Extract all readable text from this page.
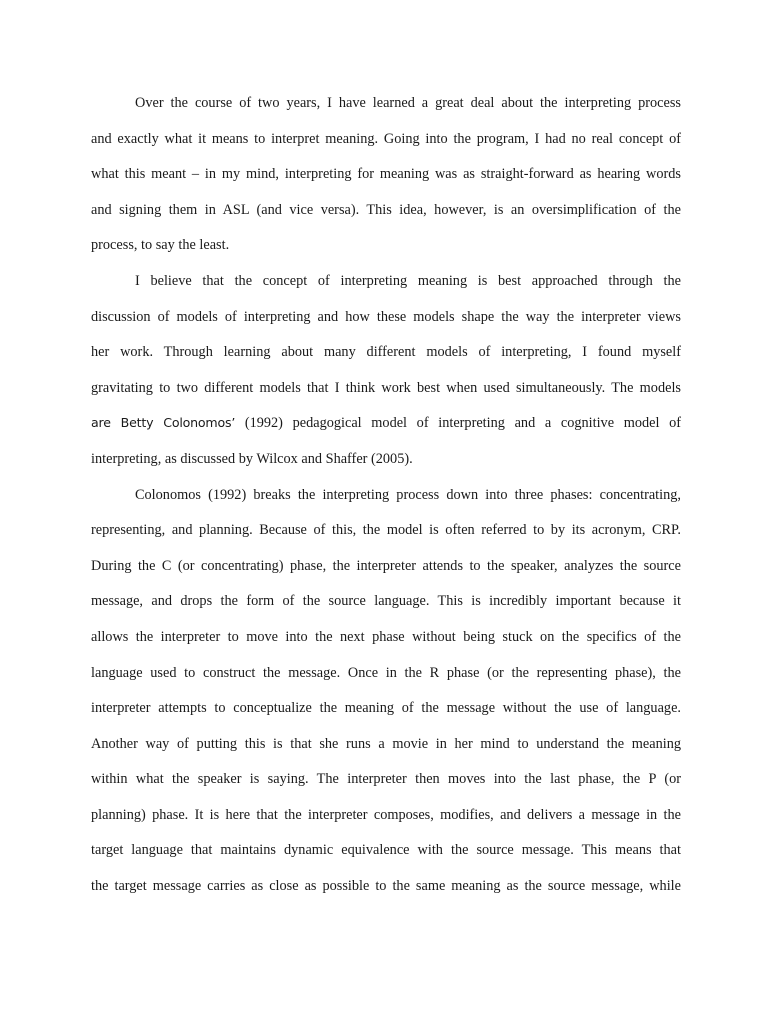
Over the course of two years, I have learned a great deal about the interpreting process
and exactly what it means to interpret meaning. Going into the program, I had no real concept of
what this meant – in my mind, interpreting for meaning was as straight-forward as hearing words
and signing them in ASL (and vice versa). This idea, however, is an oversimplification of the
process, to say the least.
I believe that the concept of interpreting meaning is best approached through the
discussion of models of interpreting and how these models shape the way the interpreter views
her work. Through learning about many different models of interpreting, I found myself
gravitating to two different models that I think work best when used simultaneously. The models
are Betty Colonomos’ (1992) pedagogical model of interpreting and a cognitive model of
interpreting, as discussed by Wilcox and Shaffer (2005).
Colonomos (1992) breaks the interpreting process down into three phases: concentrating,
representing, and planning. Because of this, the model is often referred to by its acronym, CRP.
During the C (or concentrating) phase, the interpreter attends to the speaker, analyzes the source
message, and drops the form of the source language. This is incredibly important because it
allows the interpreter to move into the next phase without being stuck on the specifics of the
language used to construct the message. Once in the R phase (or the representing phase), the
interpreter attempts to conceptualize the meaning of the message without the use of language.
Another way of putting this is that she runs a movie in her mind to understand the meaning
within what the speaker is saying. The interpreter then moves into the last phase, the P (or
planning) phase. It is here that the interpreter composes, modifies, and delivers a message in the
target language that maintains dynamic equivalence with the source message. This means that
the target message carries as close as possible to the same meaning as the source message, while
